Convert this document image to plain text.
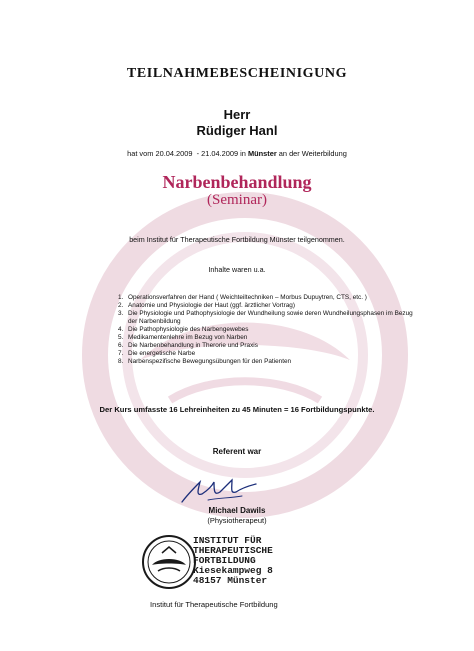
TEILNAHMEBESCHEINIGUNG
Herr
Rüdiger Hanl
hat vom 20.04.2009 - 21.04.2009 in Münster an der Weiterbildung
Narbenbehandlung
(Seminar)
beim Institut für Therapeutische Fortbildung Münster teilgenommen.
Inhalte waren u.a.
1. Operationsverfahren der Hand ( Weichteiltechniken – Morbus Dupuytren, CTS, etc. )
2. Anatomie und Physiologie der Haut (ggf. ärztlicher Vortrag)
3. Die Physiologie und Pathophysiologie der Wundheilung sowie deren Wundheilungsphasen im Bezug der Narbenbildung
4. Die Pathophysiologie des Narbengewebes
5. Medikamentenlehre im Bezug von Narben
6. Die Narbenbehandlung in Therorie und Praxis
7. Die energetische Narbe
8. Narbenspezifische Bewegungsübungen für den Patienten
Der Kurs umfasste 16 Lehreinheiten zu 45 Minuten = 16 Fortbildungspunkte.
Referent war
Michael Dawils
(Physiotherapeut)
INSTITUT FÜR
THERAPEUTISCHE
FORTBILDUNG
Kiesekampweg 8
48157 Münster
Institut für Therapeutische Fortbildung
